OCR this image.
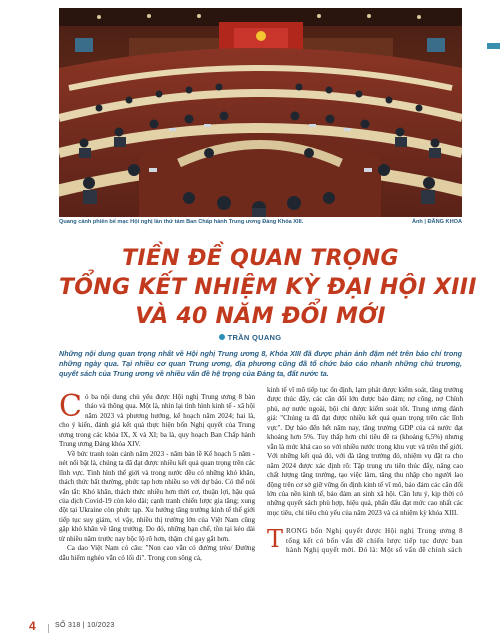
Quang cảnh phiên bế mạc Hội nghị lần thứ tám Ban Chấp hành Trung ương Đảng Khóa XIII.	Ảnh | ĐĂNG KHOA
TIỀN ĐỀ QUAN TRỌNG
TỔNG KẾT NHIỆM KỲ ĐẠI HỘI XIII
VÀ 40 NĂM ĐỔI MỚI
TRẦN QUANG
Những nội dung quan trọng nhất về Hội nghị Trung ương 8, Khóa XIII đã được phản ánh đậm nét trên báo chí trong những ngày qua. Tại nhiều cơ quan Trung ương, địa phương cũng đã tổ chức báo cáo nhanh những chủ trương, quyết sách của Trung ương về nhiều vấn đề hệ trọng của Đảng ta, đất nước ta.

Có ba nội dung chủ yếu được Hội nghị Trung ương 8 bàn thảo và thông qua. Một là, nhìn lại tình hình kinh tế - xã hội năm 2023 và phương hướng, kế hoạch năm 2024; hai là, cho ý kiến, đánh giá kết quả thực hiện bốn Nghị quyết của Trung ương trong các khóa IX, X và XI; ba là, quy hoạch Ban Chấp hành Trung ương Đảng khóa XIV.

Về bức tranh toàn cảnh năm 2023 - năm bản lề Kế hoạch 5 năm - nét nổi bật là, chúng ta đã đạt được nhiều kết quả quan trọng trên các lĩnh vực. Tình hình thế giới và trong nước đều có những khó khăn, thách thức bất thường, phức tạp hơn nhiều so với dự báo. Có thể nói vắn tắt: Khó khăn, thách thức nhiều hơn thời cơ, thuận lợi, hậu quả của dịch Covid-19 còn kéo dài; cạnh tranh chiến lược gia tăng; xung đột tại Ukraine còn phức tạp. Xu hướng tăng trưởng kinh tế thế giới tiếp tục suy giảm, vì vậy, nhiều thị trường lớn của Việt Nam cũng gặp khó khăn về tăng trưởng. Do đó, những hạn chế, tồn tại kéo dài từ nhiều năm trước nay bộc lộ rõ hơn, thậm chí gay gắt hơn.

Ca dao Việt Nam có câu: "Non cao vẫn có đường trèo/ Đường dẫu hiểm nghèo vẫn có lối đi". Trong con sông cả,

kinh tế vĩ mô tiếp tục ổn định, lạm phát được kiểm soát, tăng trưởng được thúc đẩy, các cân đối lớn được bảo đảm; nợ công, nợ Chính phủ, nợ nước ngoài, bội chi được kiểm soát tốt. Trung ương đánh giá: "Chúng ta đã đạt được nhiều kết quả quan trọng trên các lĩnh vực". Dự báo đến hết năm nay, tăng trưởng GDP của cả nước đạt khoảng hơn 5%. Tuy thấp hơn chỉ tiêu đề ra (khoảng 6,5%) nhưng vẫn là mức khá cao so với nhiều nước trong khu vực và trên thế giới. Với những kết quả đó, với đà tăng trưởng đó, nhiệm vụ đặt ra cho năm 2024 được xác định rõ: Tập trung ưu tiên thúc đẩy, nâng cao chất lượng tăng trưởng, tạo việc làm, tăng thu nhập cho người lao động trên cơ sở giữ vững ổn định kinh tế vĩ mô, bảo đảm các cân đối lớn của nền kinh tế, bảo đảm an sinh xã hội. Cần lưu ý, kịp thời có những quyết sách phù hợp, hiệu quả, phấn đấu đạt mức cao nhất các mục tiêu, chỉ tiêu chủ yếu của năm 2023 và cả nhiệm kỳ khóa XIII.

TRONG bốn Nghị quyết được Hội nghị Trung ương 8 tổng kết có bốn vấn đề chiến lược tiếp tục được ban hành Nghị quyết mới. Đó là: Một số vấn đề chính sách

4	SỐ 318 | 10/2023
